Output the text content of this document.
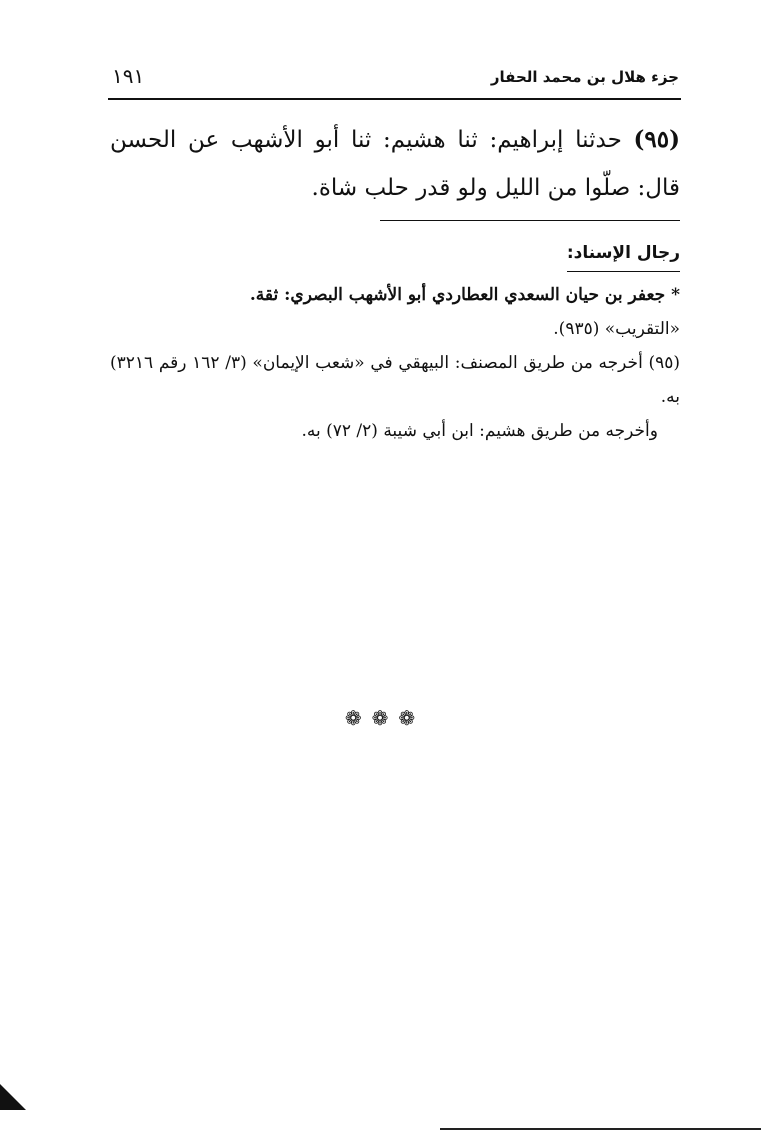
جزء هلال بن محمد الحفار
١٩١

(٩٥) حدثنا إبراهيم: ثنا هشيم: ثنا أبو الأشهب عن الحسن قال: صلّوا من الليل ولو قدر حلب شاة.

رجال الإسناد:

* جعفر بن حيان السعدي العطاردي أبو الأشهب البصري: ثقة.

«التقريب» (٩٣٥).

(٩٥) أخرجه من طريق المصنف: البيهقي في «شعب الإيمان» (٣/ ١٦٢ رقم ٣٢١٦) به.

وأخرجه من طريق هشيم: ابن أبي شيبة (٢/ ٧٢) به.

❁❁❁
